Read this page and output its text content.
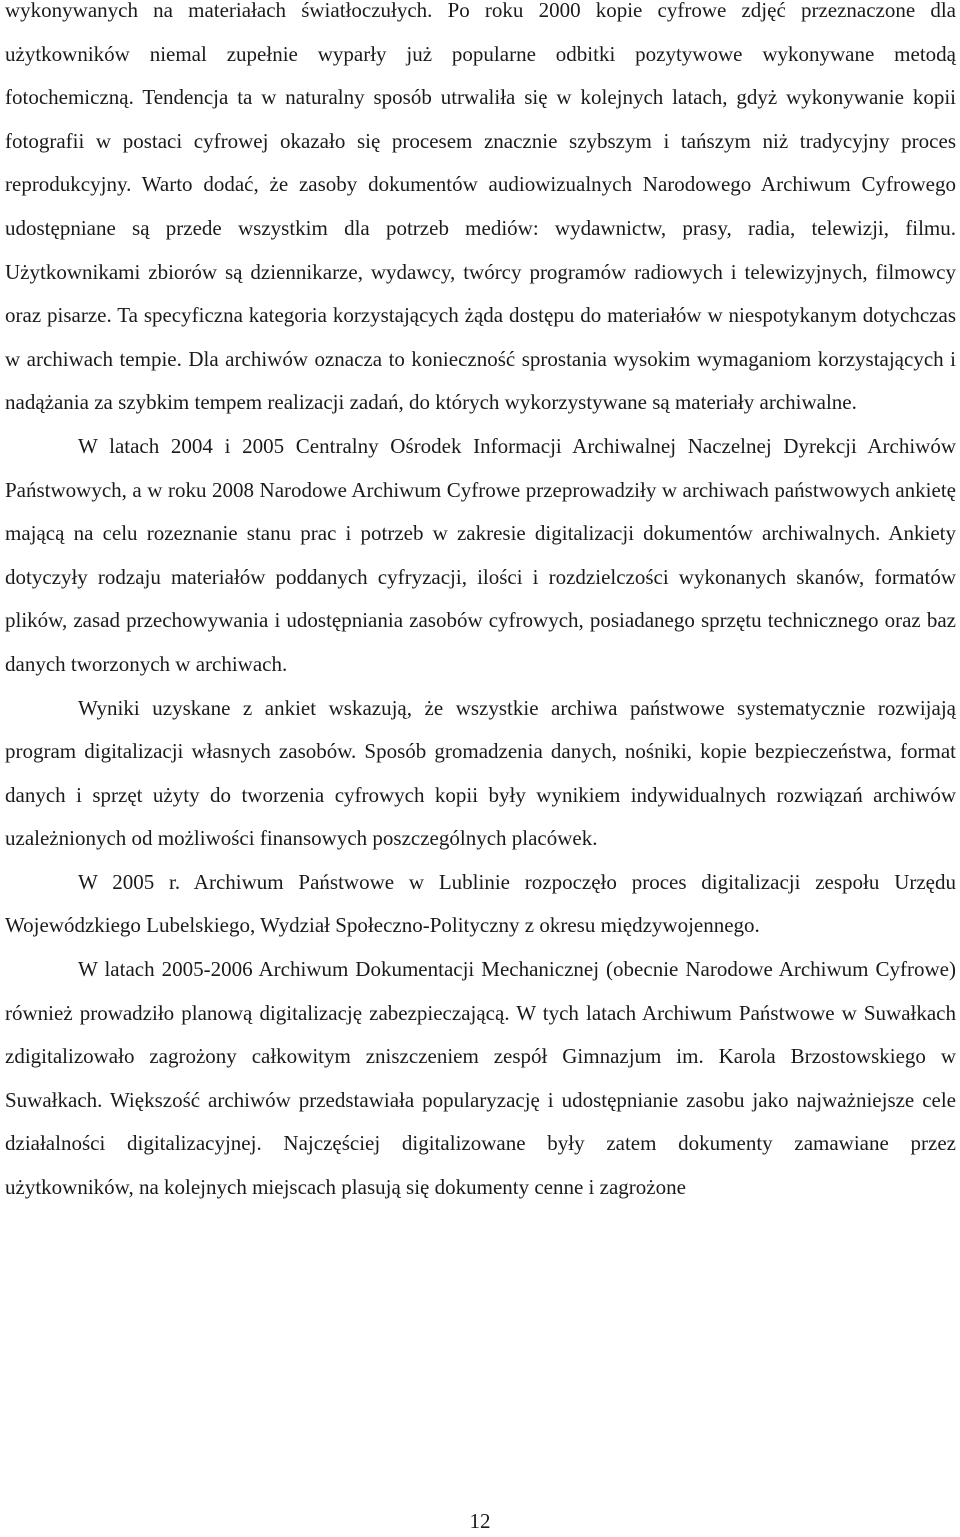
wykonywanych na materiałach światłoczułych. Po roku 2000 kopie cyfrowe zdjęć przeznaczone dla użytkowników niemal zupełnie wyparły już popularne odbitki pozytywowe wykonywane metodą fotochemiczną. Tendencja ta w naturalny sposób utrwaliła się w kolejnych latach, gdyż wykonywanie kopii fotografii w postaci cyfrowej okazało się procesem znacznie szybszym i tańszym niż tradycyjny proces reprodukcyjny. Warto dodać, że zasoby dokumentów audiowizualnych Narodowego Archiwum Cyfrowego udostępniane są przede wszystkim dla potrzeb mediów: wydawnictw, prasy, radia, telewizji, filmu. Użytkownikami zbiorów są dziennikarze, wydawcy, twórcy programów radiowych i telewizyjnych, filmowcy oraz pisarze. Ta specyficzna kategoria korzystających żąda dostępu do materiałów w niespotykanym dotychczas w archiwach tempie. Dla archiwów oznacza to konieczność sprostania wysokim wymaganiom korzystających i nadążania za szybkim tempem realizacji zadań, do których wykorzystywane są materiały archiwalne.

W latach 2004 i 2005 Centralny Ośrodek Informacji Archiwalnej Naczelnej Dyrekcji Archiwów Państwowych, a w roku 2008 Narodowe Archiwum Cyfrowe przeprowadziły w archiwach państwowych ankietę mającą na celu rozeznanie stanu prac i potrzeb w zakresie digitalizacji dokumentów archiwalnych. Ankiety dotyczyły rodzaju materiałów poddanych cyfryzacji, ilości i rozdzielczości wykonanych skanów, formatów plików, zasad przechowywania i udostępniania zasobów cyfrowych, posiadanego sprzętu technicznego oraz baz danych tworzonych w archiwach.

Wyniki uzyskane z ankiet wskazują, że wszystkie archiwa państwowe systematycznie rozwijają program digitalizacji własnych zasobów. Sposób gromadzenia danych, nośniki, kopie bezpieczeństwa, format danych i sprzęt użyty do tworzenia cyfrowych kopii były wynikiem indywidualnych rozwiązań archiwów uzależnionych od możliwości finansowych poszczególnych placówek.

W 2005 r. Archiwum Państwowe w Lublinie rozpoczęło proces digitalizacji zespołu Urzędu Wojewódzkiego Lubelskiego, Wydział Społeczno-Polityczny z okresu międzywojennego.

W latach 2005-2006 Archiwum Dokumentacji Mechanicznej (obecnie Narodowe Archiwum Cyfrowe) również prowadziło planową digitalizację zabezpieczającą. W tych latach Archiwum Państwowe w Suwałkach zdigitalizowało zagrożony całkowitym zniszczeniem zespół Gimnazjum im. Karola Brzostowskiego w Suwałkach. Większość archiwów przedstawiała popularyzację i udostępnianie zasobu jako najważniejsze cele działalności digitalizacyjnej. Najczęściej digitalizowane były zatem dokumenty zamawiane przez użytkowników, na kolejnych miejscach plasują się dokumenty cenne i zagrożone

12
